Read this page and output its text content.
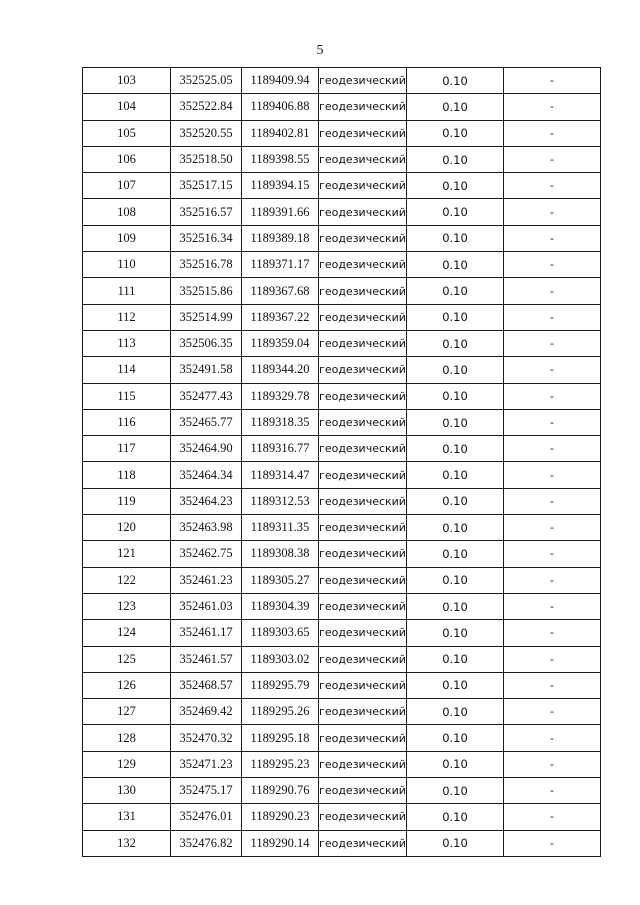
5
103	352525.05	1189409.94	геодезический	0.10	-
104	352522.84	1189406.88	геодезический	0.10	-
105	352520.55	1189402.81	геодезический	0.10	-
106	352518.50	1189398.55	геодезический	0.10	-
107	352517.15	1189394.15	геодезический	0.10	-
108	352516.57	1189391.66	геодезический	0.10	-
109	352516.34	1189389.18	геодезический	0.10	-
110	352516.78	1189371.17	геодезический	0.10	-
111	352515.86	1189367.68	геодезический	0.10	-
112	352514.99	1189367.22	геодезический	0.10	-
113	352506.35	1189359.04	геодезический	0.10	-
114	352491.58	1189344.20	геодезический	0.10	-
115	352477.43	1189329.78	геодезический	0.10	-
116	352465.77	1189318.35	геодезический	0.10	-
117	352464.90	1189316.77	геодезический	0.10	-
118	352464.34	1189314.47	геодезический	0.10	-
119	352464.23	1189312.53	геодезический	0.10	-
120	352463.98	1189311.35	геодезический	0.10	-
121	352462.75	1189308.38	геодезический	0.10	-
122	352461.23	1189305.27	геодезический	0.10	-
123	352461.03	1189304.39	геодезический	0.10	-
124	352461.17	1189303.65	геодезический	0.10	-
125	352461.57	1189303.02	геодезический	0.10	-
126	352468.57	1189295.79	геодезический	0.10	-
127	352469.42	1189295.26	геодезический	0.10	-
128	352470.32	1189295.18	геодезический	0.10	-
129	352471.23	1189295.23	геодезический	0.10	-
130	352475.17	1189290.76	геодезический	0.10	-
131	352476.01	1189290.23	геодезический	0.10	-
132	352476.82	1189290.14	геодезический	0.10	-
